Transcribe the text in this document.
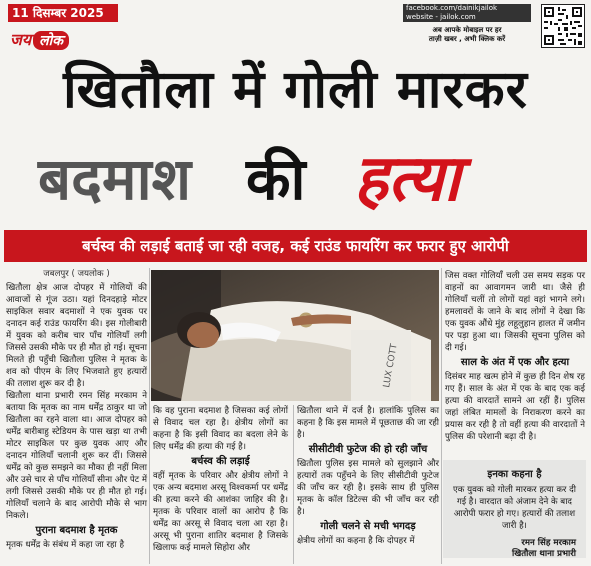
11 दिसम्बर 2025
जय लोक
facebook.com/dainikjailok
website - jailok.com
अब आपके मोबाइल पर हर
ताज़ी खबर , अभी क्लिक करें
खितौला में गोली मारकर
बदमाश की हत्या
बर्चस्व की लड़ाई बताई जा रही वजह, कई राउंड फायरिंग कर फरार हुए आरोपी
जबलपुर ( जयलोक )

खितौला क्षेत्र आज दोपहर में गोलियों की आवाजों से गूंज उठा। यहां दिनदहाड़े मोटर साइकिल सवार बदमाशों ने एक युवक पर दनादन कई राउंड फायरिंग की। इस गोलीबारी में युवक को करीब चार पाँच गोलियाँ लगी जिससे उसकी मौके पर ही मौत हो गई। सूचना मिलते ही पहुँची खितौला पुलिस ने मृतक के शव को पीएम के लिए भिजवाते हुए हत्यारों की तलाश शुरू कर दी है।

खितौला थाना प्रभारी रमन सिंह मरकाम ने बताया कि मृतक का नाम धर्मेंद्र ठाकुर था जो खितौला का रहने वाला था। आज दोपहर को धर्मेंद्र बारीबाहु स्टेडियम के पास खड़ा था तभी मोटर साइकिल पर कुछ युवक आए और दनादन गोलियाँ चलानी शुरू कर दीं। जिससे धर्मेंद्र को कुछ समझने का मौका ही नहीं मिला और उसे चार से पाँच गोलियाँ सीना और पेट में लगी जिससे उसकी मौके पर ही मौत हो गई। गोलियाँ चलाने के बाद आरोपी मौके से भाग निकले।

पुराना बदमाश है मृतक

मृतक धर्मेंद्र के संबंध में कहा जा रहा है

LUX COTT

कि वह पुराना बदमाश है जिसका कई लोगों से विवाद चल रहा है। क्षेत्रीय लोगों का कहना है कि इसी विवाद का बदला लेने के लिए धर्मेंद्र की हत्या की गई है।

बर्चस्व की लड़ाई

वहीं मृतक के परिवार और क्षेत्रीय लोगों ने एक अन्य बदमाश अरसू विश्वकर्मा पर धर्मेंद्र की हत्या करने की आशंका जाहिर की है। मृतक के परिवार वालों का आरोप है कि धर्मेंद्र का अरसू से विवाद चला आ रहा है। अरसू भी पुराना शातिर बदमाश है जिसके खिलाफ कई मामले सिहोरा और

खितौला थाने में दर्ज है। हालांकि पुलिस का कहना है कि इस मामले में पूछताछ की जा रही है।

सीसीटीवी फुटेज की हो रही जाँच

खितौला पुलिस इस मामले को सुलझाने और हत्यारों तक पहुँचने के लिए सीसीटीवी फुटेज की जाँच कर रही है। इसके साथ ही पुलिस मृतक के कॉल डिटेल्स की भी जाँच कर रही है।

गोली चलने से मची भगदड़

क्षेत्रीय लोगों का कहना है कि दोपहर में

जिस वक्त गोलियाँ चली उस समय सड़क पर वाहनों का आवागमन जारी था। जैसे ही गोलियाँ चलीं तो लोगों यहां वहां भागने लगे। हमलावरों के जाने के बाद लोगों ने देखा कि एक युवक औंधे मुंह लहूलुहान हालत में जमीन पर पड़ा हुआ था। जिसकी सूचना पुलिस को दी गई।

साल के अंत में एक और हत्या

दिसंबर माह खत्म होने में कुछ ही दिन शेष रह गए हैं। साल के अंत में एक के बाद एक कई हत्या की वारदातें सामने आ रहीं हैं। पुलिस जहां लंबित मामलों के निराकरण करने का प्रयास कर रही है तो वहीं हत्या की वारदातों ने पुलिस की परेशानी बढ़ा दी है।

इनका कहना है
एक युवक को गोली मारकर हत्या कर दी गई है। वारदात को अंजाम देने के बाद आरोपी फरार हो गए। हत्यारों की तलाश जारी है।
रमन सिंह मरकाम
खितौला थाना प्रभारी
